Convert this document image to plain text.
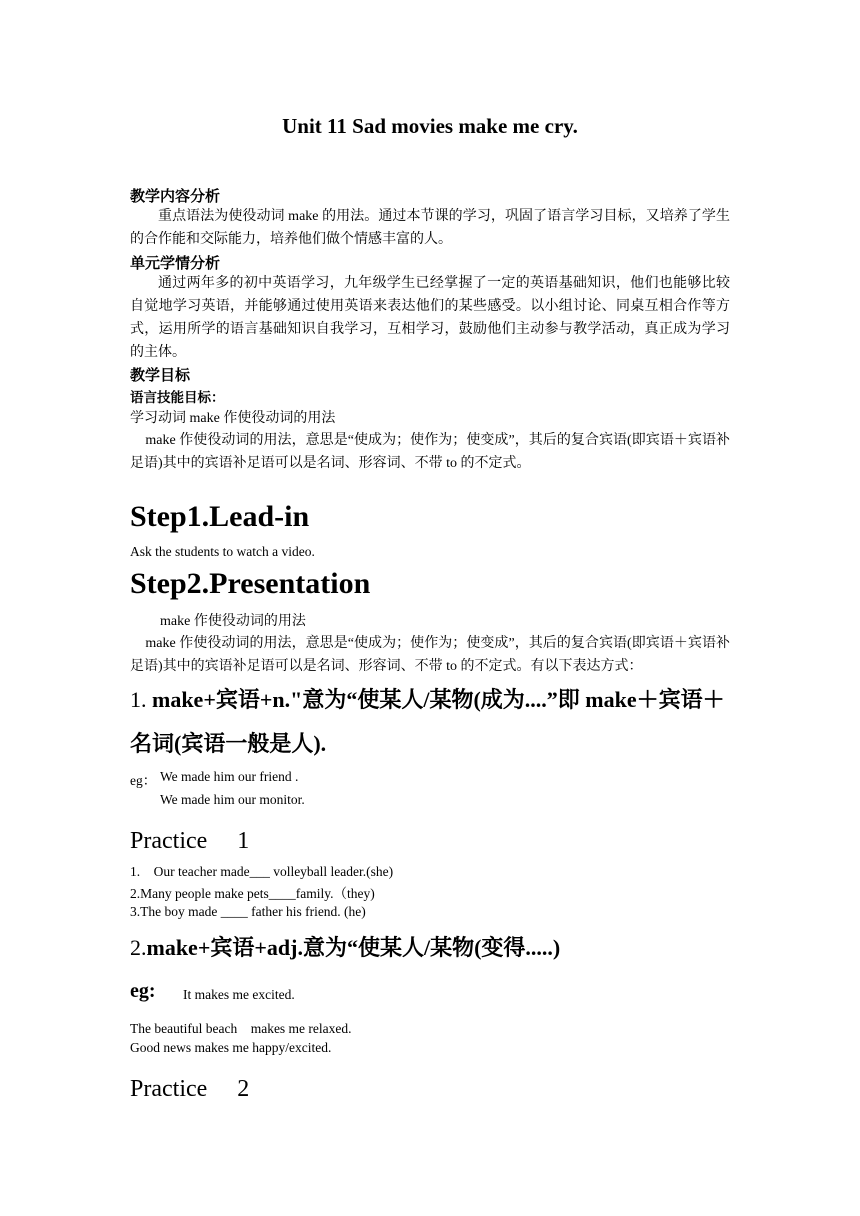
Unit 11 Sad movies make me cry.
教学内容分析
重点语法为使役动词 make 的用法。通过本节课的学习，巩固了语言学习目标，又培养了学生的合作能和交际能力，培养他们做个情感丰富的人。
单元学情分析
通过两年多的初中英语学习，九年级学生已经掌握了一定的英语基础知识，他们也能够比较自觉地学习英语，并能够通过使用英语来表达他们的某些感受。以小组讨论、同桌互相合作等方式，运用所学的语言基础知识自我学习，互相学习，鼓励他们主动参与教学活动，真正成为学习的主体。
教学目标
语言技能目标：
学习动词 make 作使役动词的用法
make 作使役动词的用法，意思是“使成为；使作为；使变成”，其后的复合宾语(即宾语＋宾语补足语)其中的宾语补足语可以是名词、形容词、不带 to 的不定式。
Step1.Lead-in
Ask the students to watch a video.
Step2.Presentation
make 作使役动词的用法
make 作使役动词的用法，意思是“使成为；使作为；使变成”，其后的复合宾语(即宾语＋宾语补足语)其中的宾语补足语可以是名词、形容词、不带 to 的不定式。有以下表达方式：
1. make+宾语+n."意为“使某人/某物(成为....”即 make＋宾语＋名词(宾语一般是人).
eg： We made him our friend .
We made him our monitor.
Practice　 1
1.　Our teacher made___ volleyball leader.(she)
2.Many people make pets____family.（they)
3.The boy made ____ father his friend. (he)
2.make+宾语+adj.意为“使某人/某物(变得.....)
eg: It makes me excited.
The beautiful beach　makes me relaxed.
Good news makes me happy/excited.
Practice　 2
